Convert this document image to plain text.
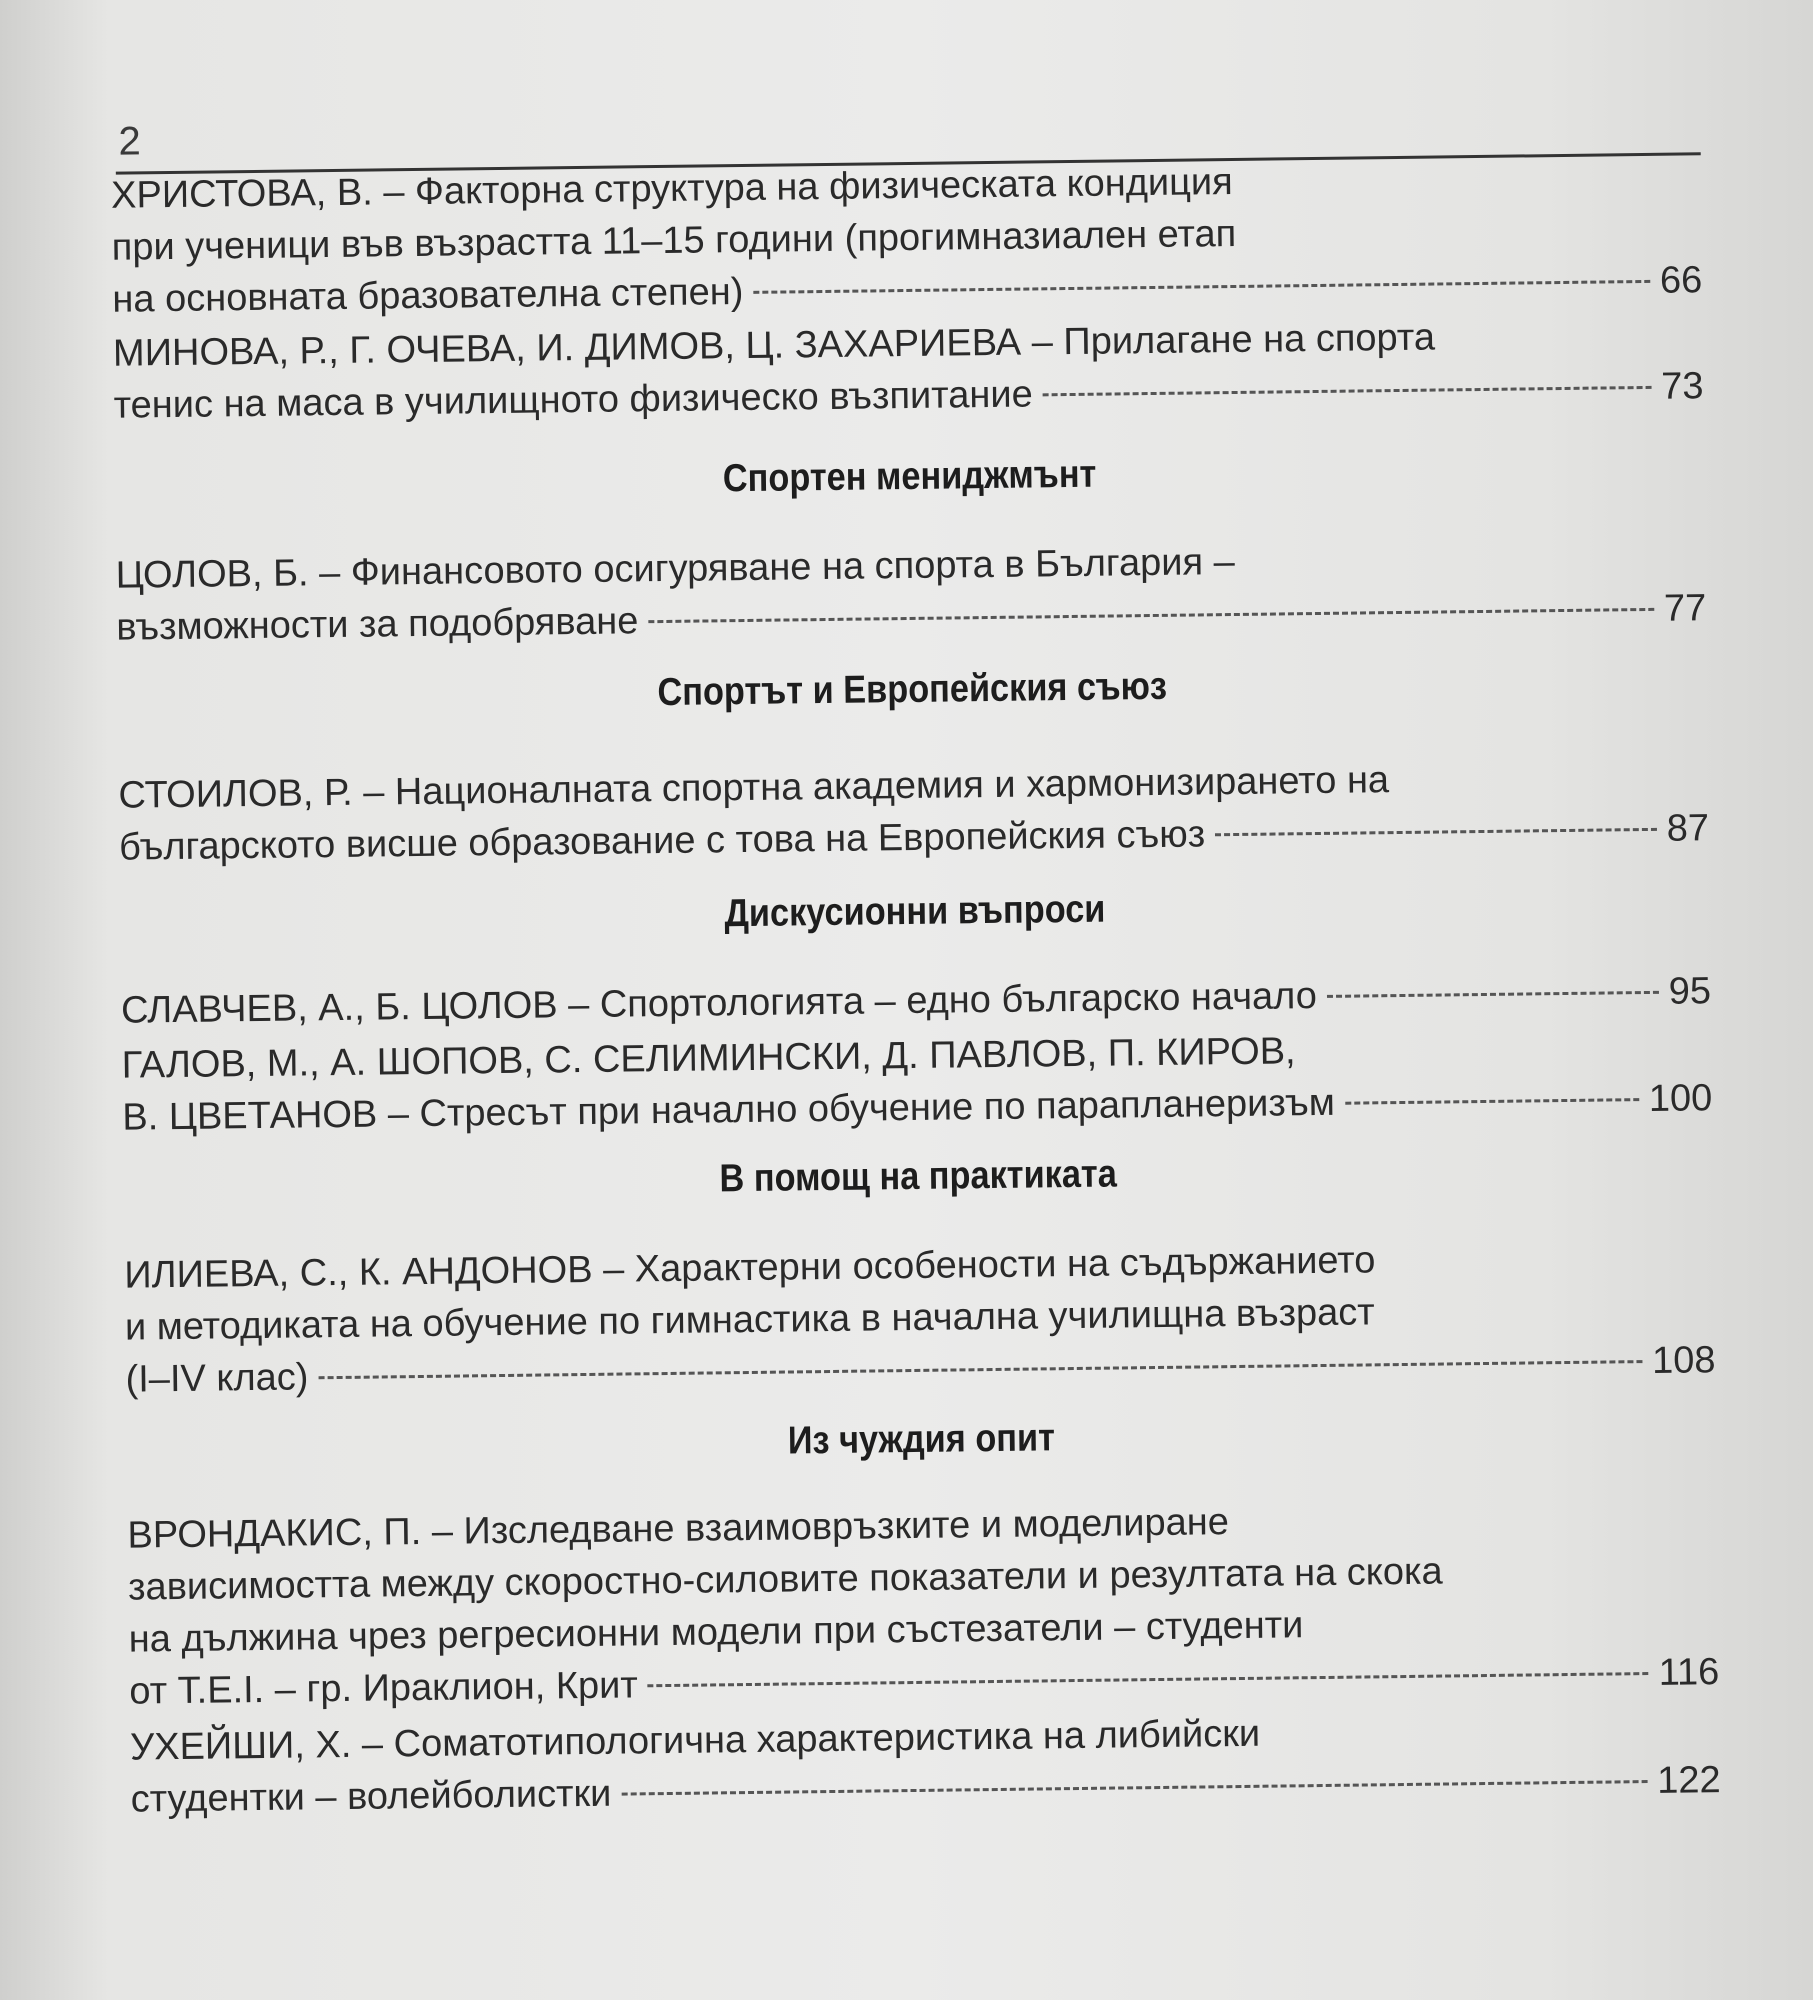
2
ХРИСТОВА, В. – Факторна структура на физическата кондиция
при ученици във възрастта 11–15 години (прогимназиален етап
на основната бразователна степен)	66
МИНОВА, Р., Г. ОЧЕВА, И. ДИМОВ, Ц. ЗАХАРИЕВА – Прилагане на спорта
тенис на маса в училищното физическо възпитание	73
Спортен мениджмънт
ЦОЛОВ, Б. – Финансовото осигуряване на спорта в България –
възможности за подобряване	77
Спортът и Европейския съюз
СТОИЛОВ, Р. – Националната спортна академия и хармонизирането на
българското висше образование с това на Европейския съюз	87
Дискусионни въпроси
СЛАВЧЕВ, А., Б. ЦОЛОВ – Спортологията – едно българско начало	95
ГАЛОВ, М., А. ШОПОВ, С. СЕЛИМИНСКИ, Д. ПАВЛОВ, П. КИРОВ,
В. ЦВЕТАНОВ – Стресът при начално обучение по парапланеризъм	100
В помощ на практиката
ИЛИЕВА, С., К. АНДОНОВ – Характерни особености на съдържанието
и методиката на обучение по гимнастика в начална училищна възраст
(I–IV клас)	108
Из чуждия опит
ВРОНДАКИС, П. – Изследване взаимовръзките и моделиране
зависимостта между скоростно-силовите показатели и резултата на скока
на дължина чрез регресионни модели при състезатели – студенти
от T.E.I. – гр. Ираклион, Крит	116
УХЕЙШИ, Х. – Соматотипологична характеристика на либийски
студентки – волейболистки	122
